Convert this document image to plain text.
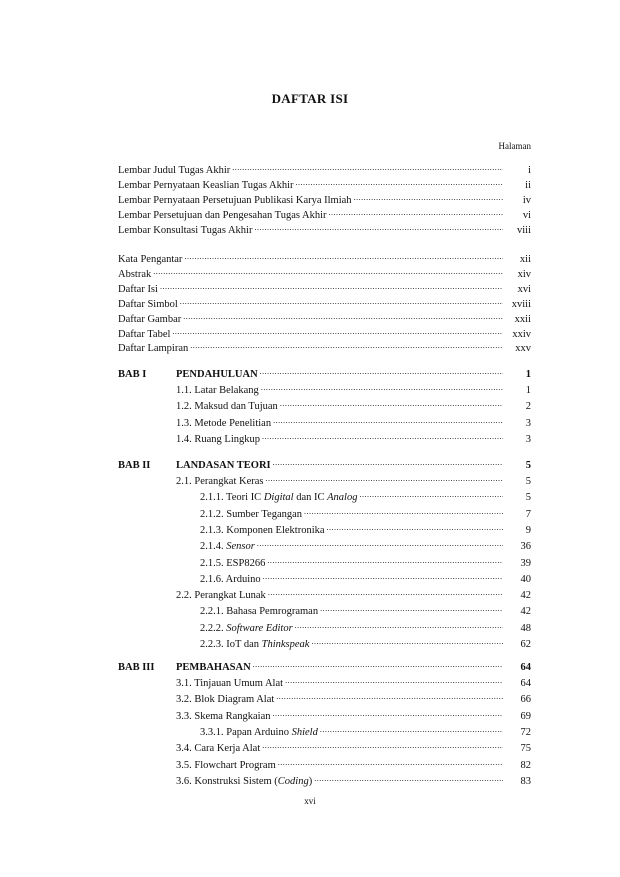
DAFTAR ISI
Halaman
Lembar Judul Tugas Akhir .....	i
Lembar Pernyataan Keaslian Tugas Akhir .....	ii
Lembar Pernyataan Persetujuan Publikasi Karya Ilmiah .....	iv
Lembar Persetujuan dan Pengesahan Tugas Akhir .....	vi
Lembar Konsultasi Tugas Akhir .....	viii
Kata Pengantar .....	xii
Abstrak .....	xiv
Daftar Isi .....	xvi
Daftar Simbol .....	xviii
Daftar Gambar .....	xxii
Daftar Tabel .....	xxiv
Daftar Lampiran .....	xxv
BAB I	PENDAHULUAN .....	1
1.1. Latar Belakang .....	1
1.2. Maksud dan Tujuan .....	2
1.3. Metode Penelitian .....	3
1.4. Ruang Lingkup .....	3
BAB II	LANDASAN TEORI .....	5
2.1. Perangkat Keras .....	5
2.1.1. Teori IC Digital dan IC Analog .....	5
2.1.2. Sumber Tegangan .....	7
2.1.3. Komponen Elektronika .....	9
2.1.4. Sensor .....	36
2.1.5. ESP8266 .....	39
2.1.6. Arduino .....	40
2.2. Perangkat Lunak .....	42
2.2.1. Bahasa Pemrograman .....	42
2.2.2. Software Editor .....	48
2.2.3. IoT dan Thinkspeak .....	62
BAB III	PEMBAHASAN .....	64
3.1. Tinjauan Umum Alat .....	64
3.2. Blok Diagram Alat .....	66
3.3. Skema Rangkaian .....	69
3.3.1. Papan Arduino Shield .....	72
3.4. Cara Kerja Alat .....	75
3.5. Flowchart Program .....	82
3.6. Konstruksi Sistem (Coding) .....	83
xvi
